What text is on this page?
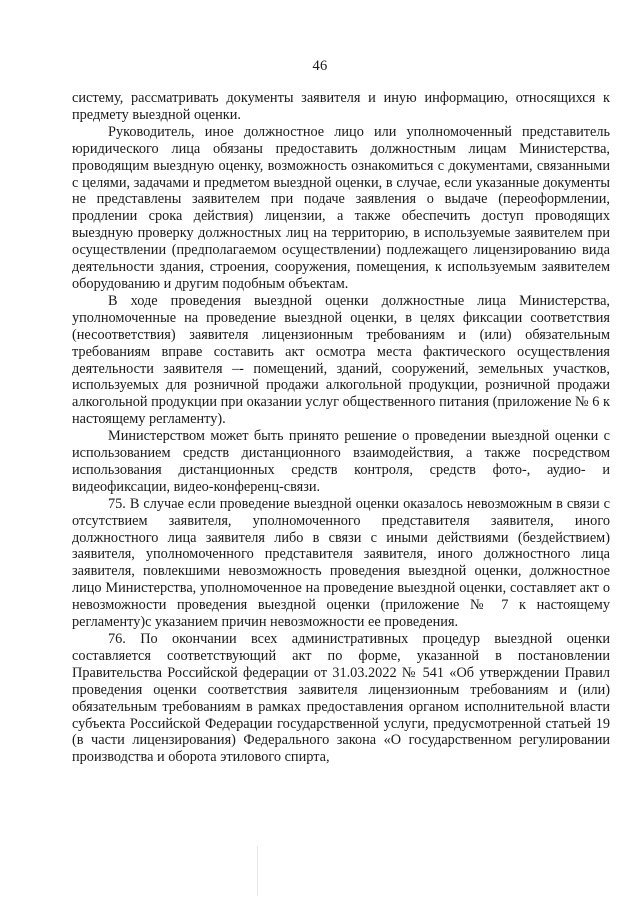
46

систему, рассматривать документы заявителя и иную информацию, относящихся к предмету выездной оценки.

Руководитель, иное должностное лицо или уполномоченный представитель юридического лица обязаны предоставить должностным лицам Министерства, проводящим выездную оценку, возможность ознакомиться с документами, связанными с целями, задачами и предметом выездной оценки, в случае, если указанные документы не представлены заявителем при подаче заявления о выдаче (переоформлении, продлении срока действия) лицензии, а также обеспечить доступ проводящих выездную проверку должностных лиц на территорию, в используемые заявителем при осуществлении (предполагаемом осуществлении) подлежащего лицензированию вида деятельности здания, строения, сооружения, помещения, к используемым заявителем оборудованию и другим подобным объектам.

В ходе проведения выездной оценки должностные лица Министерства, уполномоченные на проведение выездной оценки, в целях фиксации соответствия (несоответствия) заявителя лицензионным требованиям и (или) обязательным требованиям вправе составить акт осмотра места фактического осуществления деятельности заявителя –- помещений, зданий, сооружений, земельных участков, используемых для розничной продажи алкогольной продукции, розничной продажи алкогольной продукции при оказании услуг общественного питания (приложение № 6 к настоящему регламенту).

Министерством может быть принято решение о проведении выездной оценки с использованием средств дистанционного взаимодействия, а также посредством использования дистанционных средств контроля, средств фото-, аудио- и видеофиксации, видео-конференц-связи.

75. В случае если проведение выездной оценки оказалось невозможным в связи с отсутствием заявителя, уполномоченного представителя заявителя, иного должностного лица заявителя либо в связи с иными действиями (бездействием) заявителя, уполномоченного представителя заявителя, иного должностного лица заявителя, повлекшими невозможность проведения выездной оценки, должностное лицо Министерства, уполномоченное на проведение выездной оценки, составляет акт о невозможности проведения выездной оценки (приложение № 7 к настоящему регламенту)с указанием причин невозможности ее проведения.

76. По окончании всех административных процедур выездной оценки составляется соответствующий акт по форме, указанной в постановлении Правительства Российской федерации от 31.03.2022 № 541 «Об утверждении Правил проведения оценки соответствия заявителя лицензионным требованиям и (или) обязательным требованиям в рамках предоставления органом исполнительной власти субъекта Российской Федерации государственной услуги, предусмотренной статьей 19 (в части лицензирования) Федерального закона «О государственном регулировании производства и оборота этилового спирта,
